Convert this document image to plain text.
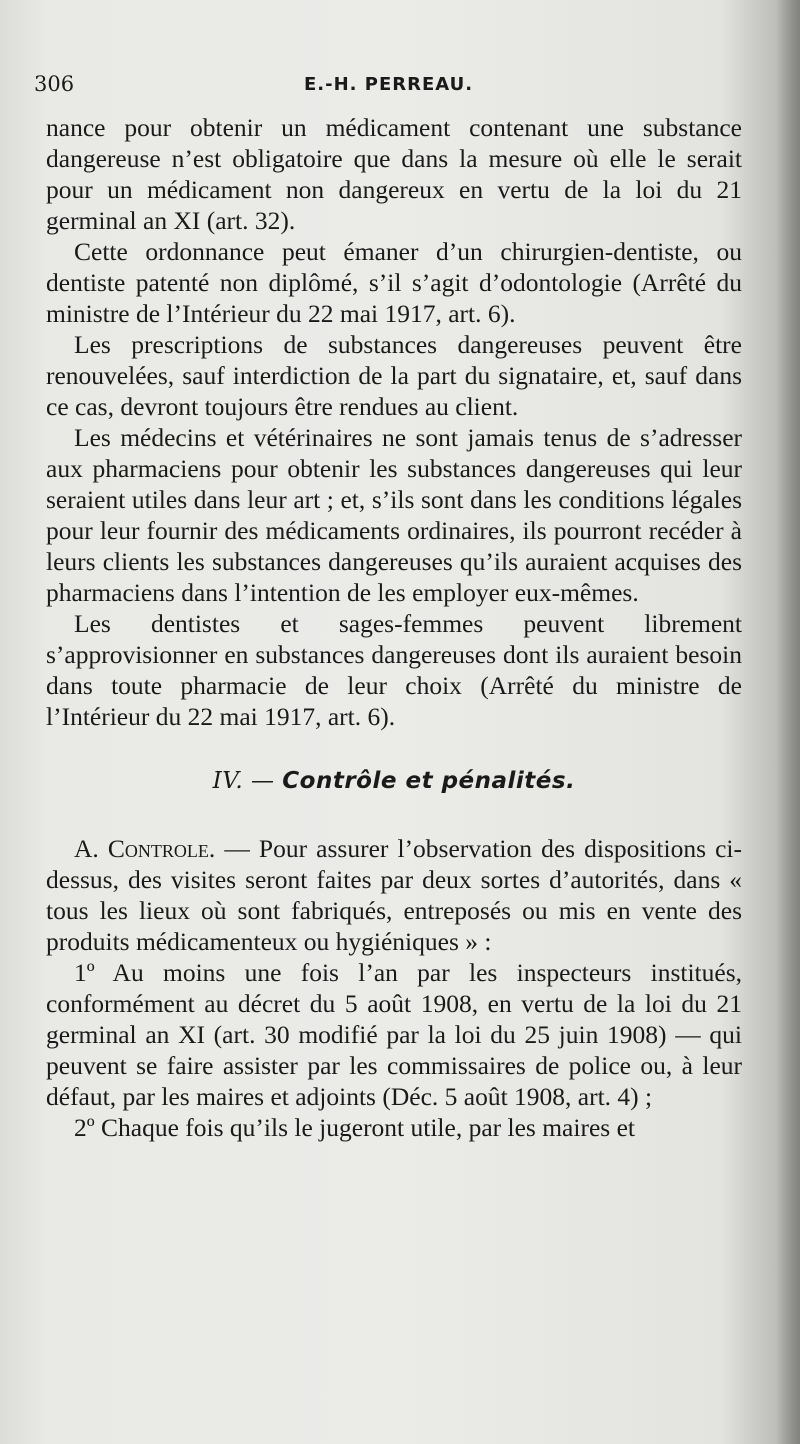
306	E.-H. PERREAU.

nance pour obtenir un médicament contenant une substance dangereuse n’est obligatoire que dans la mesure où elle le serait pour un médicament non dangereux en vertu de la loi du 21 germinal an XI (art. 32).

Cette ordonnance peut émaner d’un chirurgien-dentiste, ou dentiste patenté non diplômé, s’il s’agit d’odontologie (Arrêté du ministre de l’Intérieur du 22 mai 1917, art. 6).

Les prescriptions de substances dangereuses peuvent être renouvelées, sauf interdiction de la part du signataire, et, sauf dans ce cas, devront toujours être rendues au client.

Les médecins et vétérinaires ne sont jamais tenus de s’adresser aux pharmaciens pour obtenir les substances dangereuses qui leur seraient utiles dans leur art ; et, s’ils sont dans les conditions légales pour leur fournir des médicaments ordinaires, ils pourront recéder à leurs clients les substances dangereuses qu’ils auraient acquises des pharmaciens dans l’intention de les employer eux-mêmes.

Les dentistes et sages-femmes peuvent librement s’approvisionner en substances dangereuses dont ils auraient besoin dans toute pharmacie de leur choix (Arrêté du ministre de l’Intérieur du 22 mai 1917, art. 6).

IV. — Contrôle et pénalités.

A. Controle. — Pour assurer l’observation des dispositions ci-dessus, des visites seront faites par deux sortes d’autorités, dans « tous les lieux où sont fabriqués, entreposés ou mis en vente des produits médicamenteux ou hygiéniques » :

1º Au moins une fois l’an par les inspecteurs institués, conformément au décret du 5 août 1908, en vertu de la loi du 21 germinal an XI (art. 30 modifié par la loi du 25 juin 1908) — qui peuvent se faire assister par les commissaires de police ou, à leur défaut, par les maires et adjoints (Déc. 5 août 1908, art. 4) ;

2º Chaque fois qu’ils le jugeront utile, par les maires et
